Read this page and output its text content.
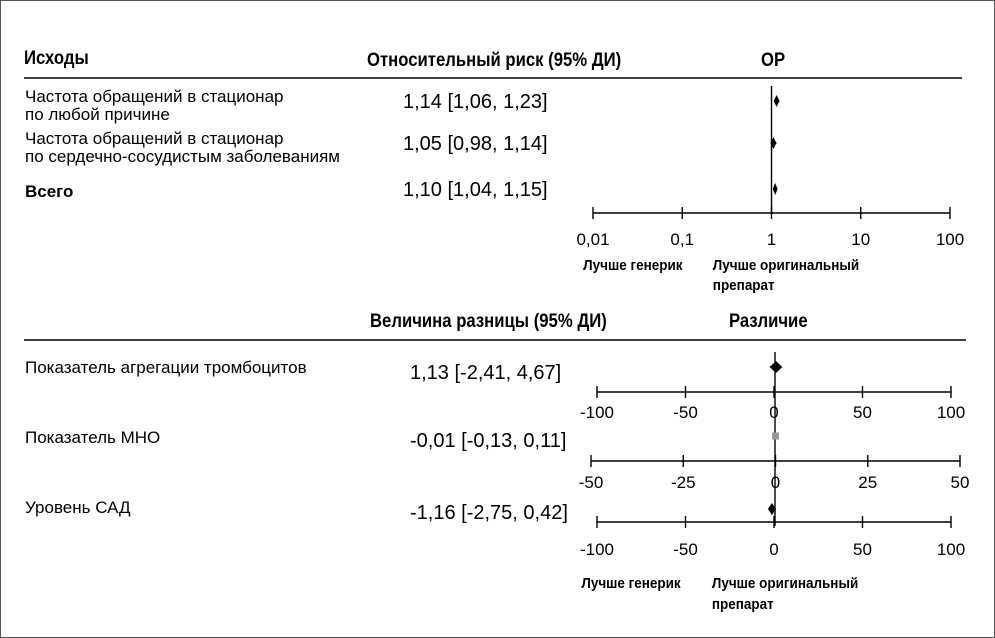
Исходы	Относительный риск (95% ДИ)	ОР
Частота обращений в стационар
по любой причине
1,14 [1,06, 1,23]
Частота обращений в стационар
по сердечно-сосудистым заболеваниям
1,05 [0,98, 1,14]
Всего	1,10 [1,04, 1,15]
0,01	0,1	1	10	100
Лучше генерик Лучше оригинальный
препарат
Величина разницы (95% ДИ)	Различие
Показатель агрегации тромбоцитов	1,13 [-2,41, 4,67]
-100	-50	0	50	100
Показатель МНО	-0,01 [-0,13, 0,11]
-50	-25	0	25	50
Уровень САД	-1,16 [-2,75, 0,42]
-100	-50	0	50	100
Лучше генерик Лучше оригинальный
препарат
